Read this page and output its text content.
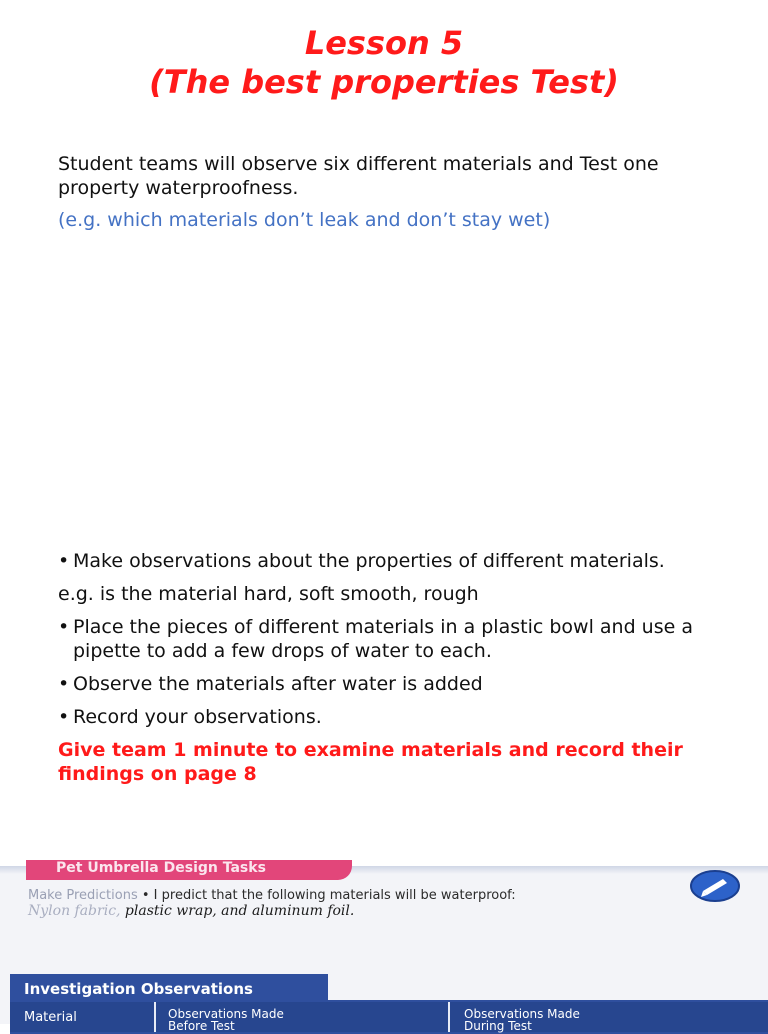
Lesson 5
(The best properties Test)
Student teams will observe six different materials and Test one property waterproofness.
(e.g. which materials don’t leak and don’t stay wet)
• Make observations about the properties of different materials.
e.g. is the material hard, soft smooth, rough
• Place the pieces of different materials in a plastic bowl and use a pipette to add a few drops of water to each.
• Observe the materials after water is added
• Record your observations.
Give team 1 minute to examine materials and record their findings on page 8
Pet Umbrella Design Tasks
Make Predictions • I predict that the following materials will be waterproof:
Nylon fabric, plastic wrap, and aluminum foil.
Investigation Observations
Material	Observations Made Before Test
Observations Made During Test
